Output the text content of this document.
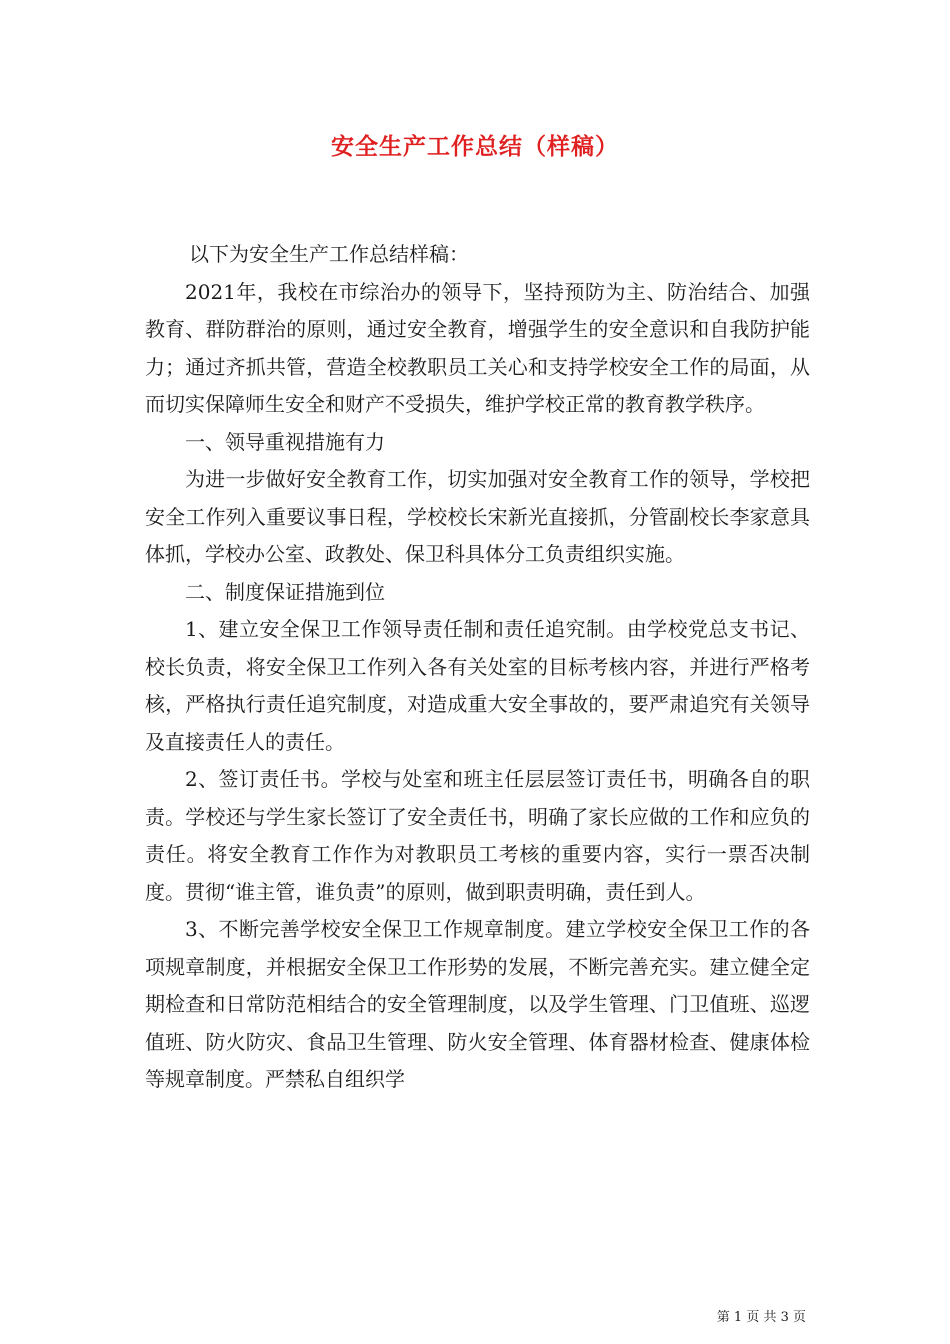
安全生产工作总结（样稿）

以下为安全生产工作总结样稿：

2021年，我校在市综治办的领导下，坚持预防为主、防治结合、加强教育、群防群治的原则，通过安全教育，增强学生的安全意识和自我防护能力；通过齐抓共管，营造全校教职员工关心和支持学校安全工作的局面，从而切实保障师生安全和财产不受损失，维护学校正常的教育教学秩序。

一、领导重视措施有力

为进一步做好安全教育工作，切实加强对安全教育工作的领导，学校把安全工作列入重要议事日程，学校校长宋新光直接抓，分管副校长李家意具体抓，学校办公室、政教处、保卫科具体分工负责组织实施。

二、制度保证措施到位

1、建立安全保卫工作领导责任制和责任追究制。由学校党总支书记、校长负责，将安全保卫工作列入各有关处室的目标考核内容，并进行严格考核，严格执行责任追究制度，对造成重大安全事故的，要严肃追究有关领导及直接责任人的责任。

2、签订责任书。学校与处室和班主任层层签订责任书，明确各自的职责。学校还与学生家长签订了安全责任书，明确了家长应做的工作和应负的责任。将安全教育工作作为对教职员工考核的重要内容，实行一票否决制度。贯彻“谁主管，谁负责”的原则，做到职责明确，责任到人。

3、不断完善学校安全保卫工作规章制度。建立学校安全保卫工作的各项规章制度，并根据安全保卫工作形势的发展，不断完善充实。建立健全定期检查和日常防范相结合的安全管理制度，以及学生管理、门卫值班、巡逻值班、防火防灾、食品卫生管理、防火安全管理、体育器材检查、健康体检等规章制度。严禁私自组织学

第 1 页 共 3 页
